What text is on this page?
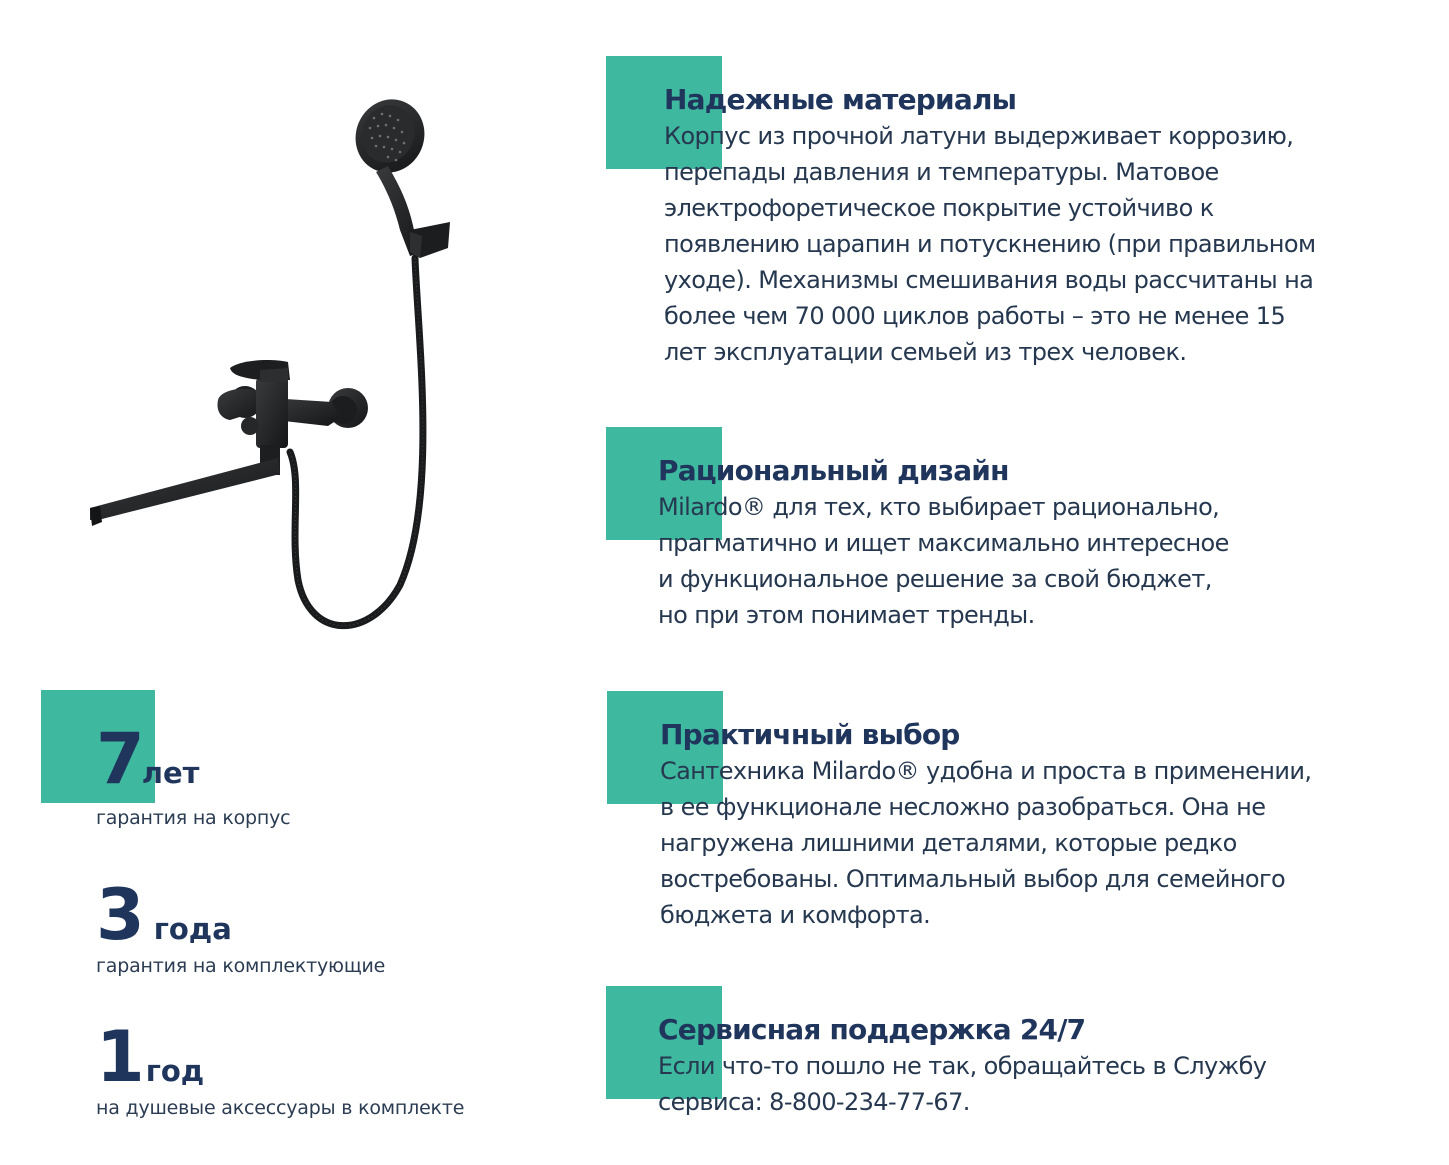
Надежные материалы
Корпус из прочной латуни выдерживает коррозию,
перепады давления и температуры. Матовое
электрофоретическое покрытие устойчиво к
появлению царапин и потускнению (при правильном
уходе). Механизмы смешивания воды рассчитаны на
более чем 70 000 циклов работы – это не менее 15
лет эксплуатации семьей из трех человек.
Рациональный дизайн
Milardo® для тех, кто выбирает рационально,
прагматично и ищет максимально интересное
и функциональное решение за свой бюджет,
но при этом понимает тренды.
Практичный выбор
Сантехника Milardo® удобна и проста в применении,
в ее функционале несложно разобраться. Она не
нагружена лишними деталями, которые редко
востребованы. Оптимальный выбор для семейного
бюджета и комфорта.
Сервисная поддержка 24/7
Если что-то пошло не так, обращайтесь в Службу
сервиса: 8-800-234-77-67.
7лет
гарантия на корпус
3 года
гарантия на комплектующие
1 год
на душевые аксессуары в комплекте
